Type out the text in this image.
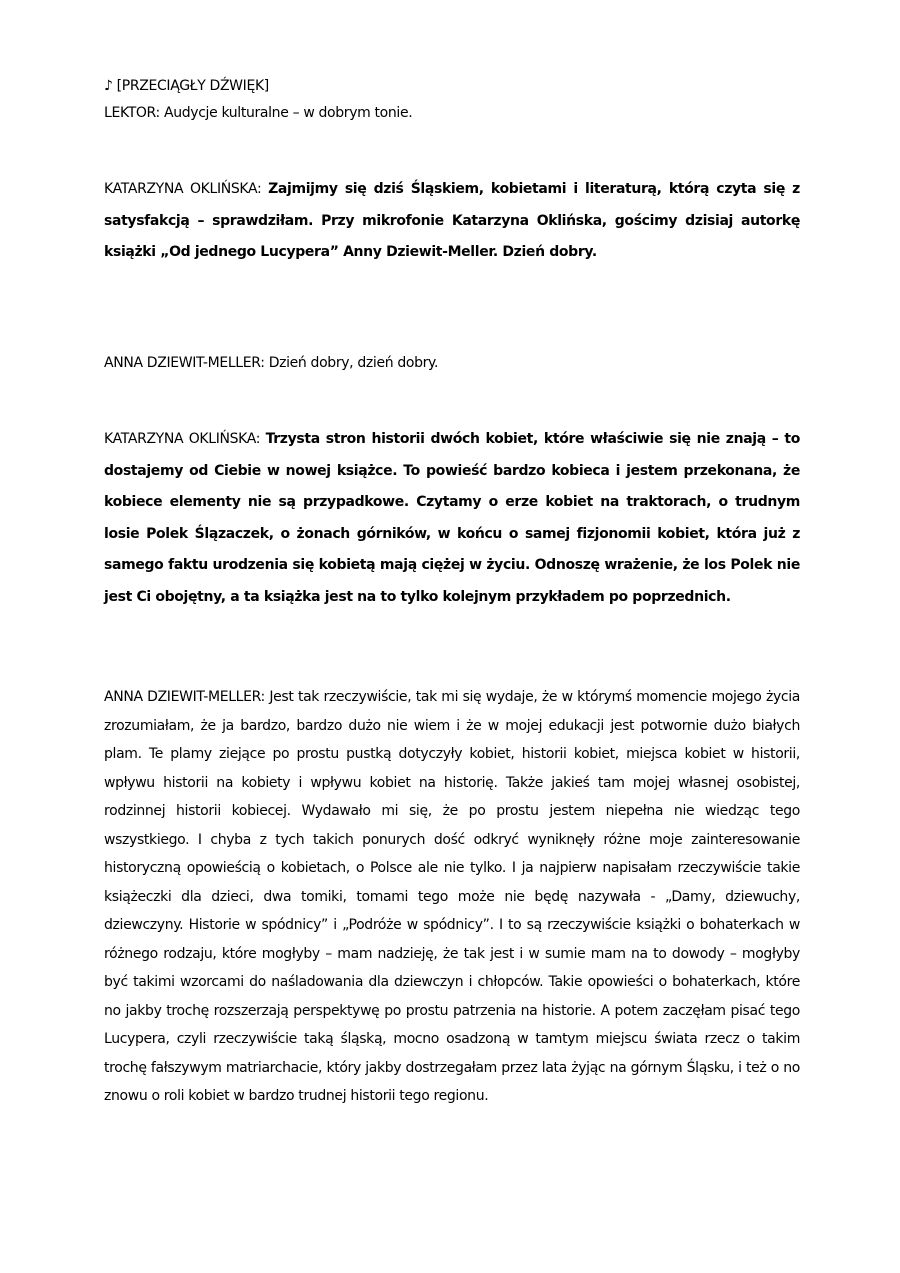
♪ [PRZECIĄGŁY DŹWIĘK]
LEKTOR: Audycje kulturalne – w dobrym tonie.

KATARZYNA OKLIŃSKA: Zajmijmy się dziś Śląskiem, kobietami i literaturą, którą czyta się z satysfakcją – sprawdziłam. Przy mikrofonie Katarzyna Oklińska, gościmy dzisiaj autorkę książki „Od jednego Lucypera” Anny Dziewit-Meller. Dzień dobry.

ANNA DZIEWIT-MELLER: Dzień dobry, dzień dobry.

KATARZYNA OKLIŃSKA: Trzysta stron historii dwóch kobiet, które właściwie się nie znają – to dostajemy od Ciebie w nowej książce. To powieść bardzo kobieca i jestem przekonana, że kobiece elementy nie są przypadkowe. Czytamy o erze kobiet na traktorach, o trudnym losie Polek Ślązaczek, o żonach górników, w końcu o samej fizjonomii kobiet, która już z samego faktu urodzenia się kobietą mają ciężej w życiu. Odnoszę wrażenie, że los Polek nie jest Ci obojętny, a ta książka jest na to tylko kolejnym przykładem po poprzednich.

ANNA DZIEWIT-MELLER: Jest tak rzeczywiście, tak mi się wydaje, że w którymś momencie mojego życia zrozumiałam, że ja bardzo, bardzo dużo nie wiem i że w mojej edukacji jest potwornie dużo białych plam. Te plamy ziejące po prostu pustką dotyczyły kobiet, historii kobiet, miejsca kobiet w historii, wpływu historii na kobiety i wpływu kobiet na historię. Także jakieś tam mojej własnej osobistej, rodzinnej historii kobiecej. Wydawało mi się, że po prostu jestem niepełna nie wiedząc tego wszystkiego. I chyba z tych takich ponurych dość odkryć wyniknęły różne moje zainteresowanie historyczną opowieścią o kobietach, o Polsce ale nie tylko. I ja najpierw napisałam rzeczywiście takie książeczki dla dzieci, dwa tomiki, tomami tego może nie będę nazywała - „Damy, dziewuchy, dziewczyny. Historie w spódnicy” i „Podróże w spódnicy”. I to są rzeczywiście książki o bohaterkach w różnego rodzaju, które mogłyby – mam nadzieję, że tak jest i w sumie mam na to dowody – mogłyby być takimi wzorcami do naśladowania dla dziewczyn i chłopców. Takie opowieści o bohaterkach, które no jakby trochę rozszerzają perspektywę po prostu patrzenia na historie. A potem zaczęłam pisać tego Lucypera, czyli rzeczywiście taką śląską, mocno osadzoną w tamtym miejscu świata rzecz o takim trochę fałszywym matriarchacie, który jakby dostrzegałam przez lata żyjąc na górnym Śląsku, i też o no znowu o roli kobiet w bardzo trudnej historii tego regionu.
